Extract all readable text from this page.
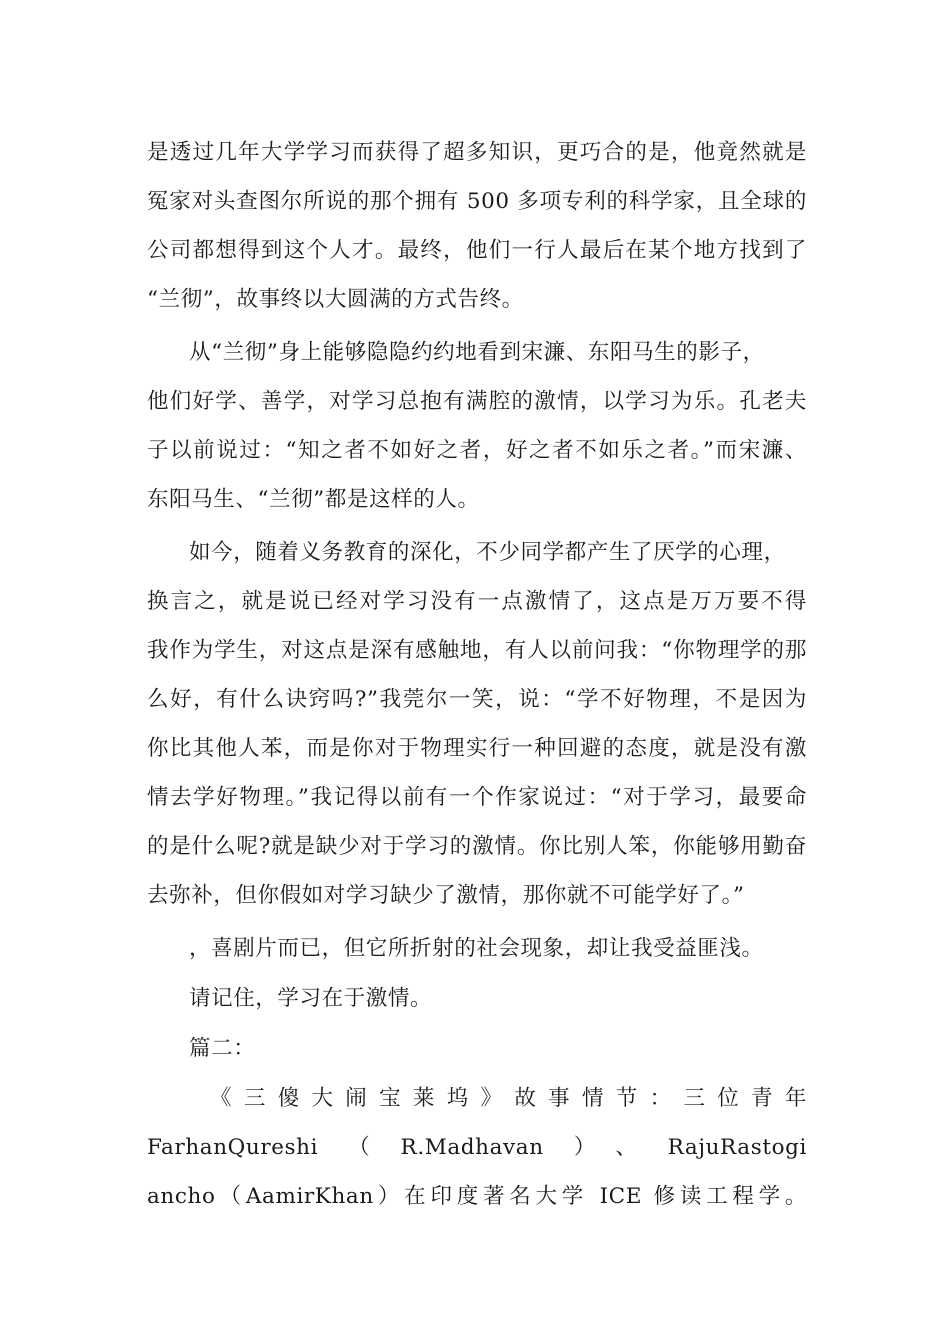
是透过几年大学学习而获得了超多知识，更巧合的是，他竟然就是
冤家对头查图尔所说的那个拥有 500 多项专利的科学家，且全球的
公司都想得到这个人才。最终，他们一行人最后在某个地方找到了
“兰彻”，故事终以大圆满的方式告终。
从“兰彻”身上能够隐隐约约地看到宋濂、东阳马生的影子，
他们好学、善学，对学习总抱有满腔的激情，以学习为乐。孔老夫
子以前说过：“知之者不如好之者，好之者不如乐之者。”而宋濂、
东阳马生、“兰彻”都是这样的人。
如今，随着义务教育的深化，不少同学都产生了厌学的心理，
换言之，就是说已经对学习没有一点激情了，这点是万万要不得
我作为学生，对这点是深有感触地，有人以前问我：“你物理学的那
么好，有什么诀窍吗?”我莞尔一笑，说：“学不好物理，不是因为
你比其他人苯，而是你对于物理实行一种回避的态度，就是没有激
情去学好物理。”我记得以前有一个作家说过：“对于学习，最要命
的是什么呢?就是缺少对于学习的激情。你比别人笨，你能够用勤奋
去弥补，但你假如对学习缺少了激情，那你就不可能学好了。”
，喜剧片而已，但它所折射的社会现象，却让我受益匪浅。
请记住，学习在于激情。
篇二：
《三傻大闹宝莱坞》故事情节：三位青年
FarhanQureshi（R.Madhavan）、RajuRastogi
ancho（AamirKhan）在印度著名大学 ICE 修读工程学。
